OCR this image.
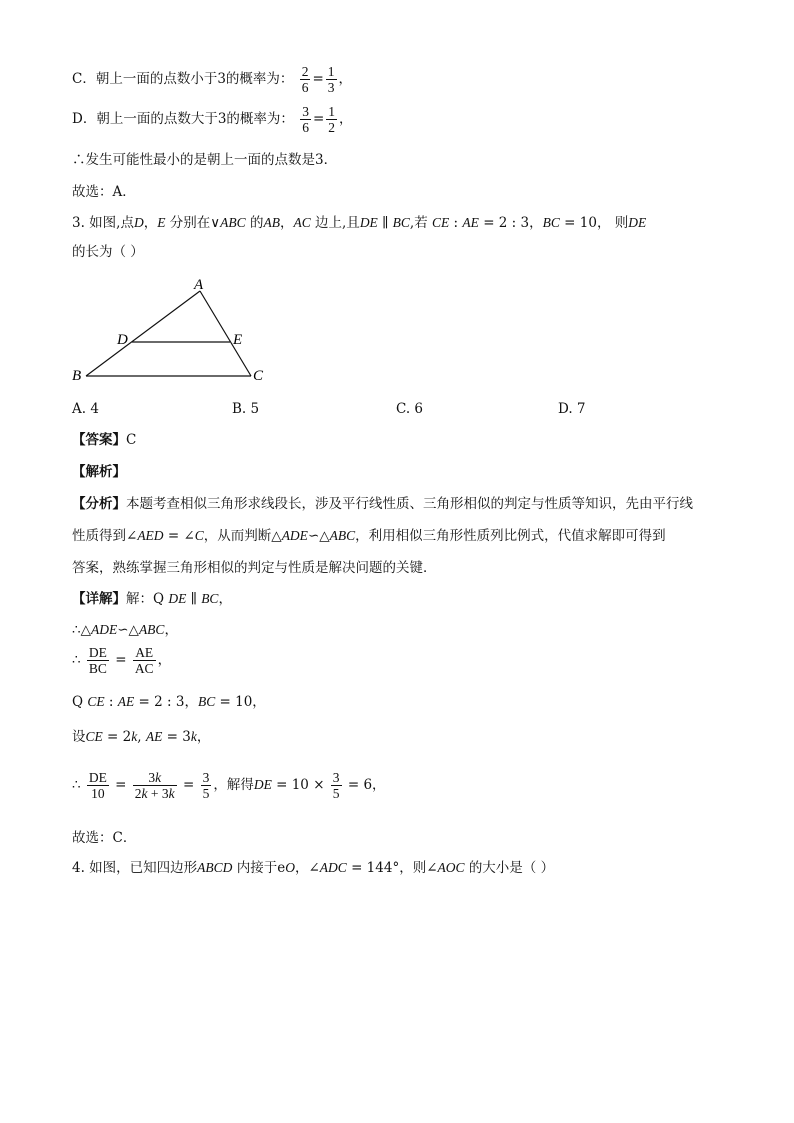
C．朝上一面的点数小于3的概率为： $\frac{2}{6} = \frac{1}{3}$ ，
D．朝上一面的点数大于3的概率为： $\frac{3}{6} = \frac{1}{2}$ ，
∴发生可能性最小的是朝上一面的点数是3．
故选：A．
3. 如图,点D，E 分别在∨ABC 的AB，AC 边上,且DE ∥ BC,若 CE : AE = 2 : 3，BC = 10， 则DE
的长为（ ）
A
D	E
B	C
A. 4	B. 5	C. 6	D. 7
【答案】C
【解析】
【分析】本题考查相似三角形求线段长，涉及平行线性质、三角形相似的判定与性质等知识，先由平行线
性质得到∠AED = ∠C，从而判断△ADE∽△ABC，利用相似三角形性质列比例式，代值求解即可得到
答案，熟练掌握三角形相似的判定与性质是解决问题的关键．
【详解】解：Q DE ∥ BC，
∴△ADE∽△ABC，
∴ $\frac{DE}{BC} = \frac{AE}{AC}$ ，
Q CE : AE = 2 : 3，BC = 10，
设CE = 2k, AE = 3k，
∴ $\frac{DE}{10} = \frac{3k}{2k + 3k} = \frac{3}{5}$ ，解得DE = $10 \times \frac{3}{5} = 6$，
故选：C．
4. 如图，已知四边形ABCD 内接于eO，∠ADC = 144°，则∠AOC 的大小是（ ）
